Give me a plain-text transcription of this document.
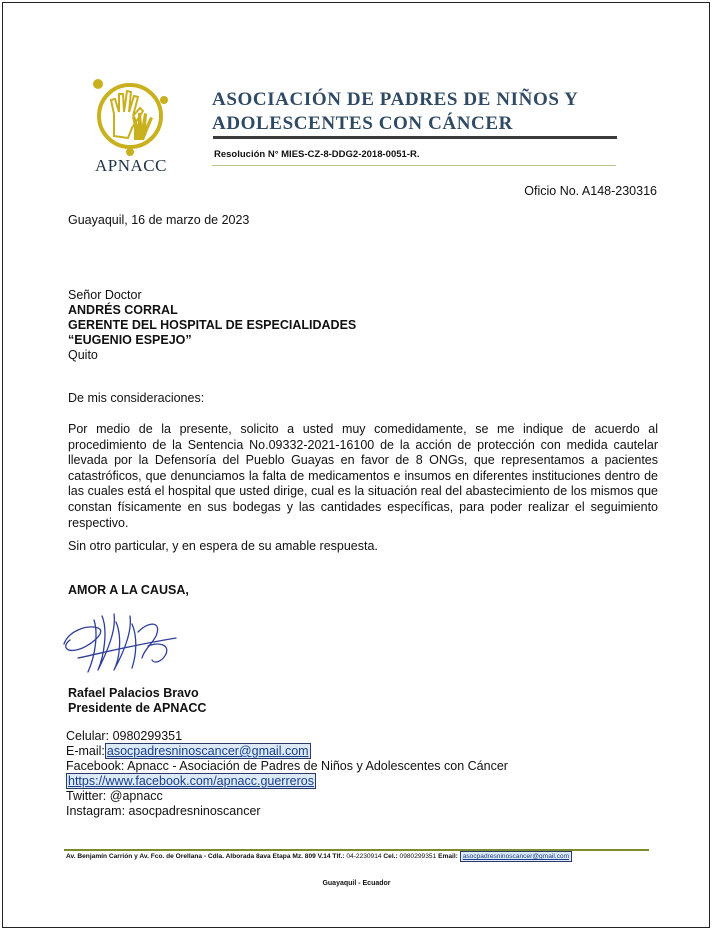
APNACC
ASOCIACIÓN DE PADRES DE NIÑOS Y
ADOLESCENTES CON CÁNCER
Resolución N° MIES-CZ-8-DDG2-2018-0051-R.
Oficio No. A148-230316
Guayaquil, 16 de marzo de 2023
Señor Doctor
ANDRÉS CORRAL
GERENTE DEL HOSPITAL DE ESPECIALIDADES
“EUGENIO ESPEJO”
Quito
De mis consideraciones:
Por medio de la presente, solicito a usted muy comedidamente, se me indique de acuerdo al procedimiento de la Sentencia No.09332-2021-16100 de la acción de protección con medida cautelar llevada por la Defensoría del Pueblo Guayas en favor de 8 ONGs, que representamos a pacientes catastróficos, que denunciamos la falta de medicamentos e insumos en diferentes instituciones dentro de las cuales está el hospital que usted dirige, cual es la situación real del abastecimiento de los mismos que constan físicamente en sus bodegas y las cantidades específicas, para poder realizar el seguimiento respectivo.
Sin otro particular, y en espera de su amable respuesta.
AMOR A LA CAUSA,
Rafael Palacios Bravo
Presidente de APNACC
Celular: 0980299351
E-mail: asocpadresninoscancer@gmail.com
Facebook: Apnacc - Asociación de Padres de Niños y Adolescentes con Cáncer
https://www.facebook.com/apnacc.guerreros
Twitter: @apnacc
Instagram: asocpadresninoscancer
Av. Benjamín Carrión y Av. Fco. de Orellana - Cdla. Alborada 8ava Etapa Mz. 809 V.14 Tlf.: 04-2230914 Cel.: 0980299351 Email: asocpadresninoscancer@gmail.com
Guayaquil - Ecuador
